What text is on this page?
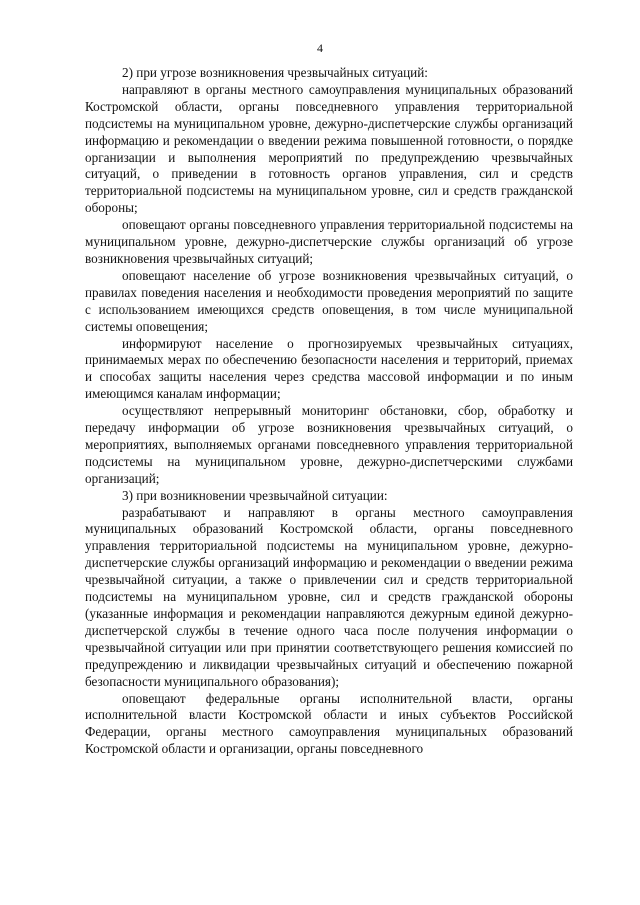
4

2) при угрозе возникновения чрезвычайных ситуаций:

направляют в органы местного самоуправления муниципальных образований Костромской области, органы повседневного управления территориальной подсистемы на муниципальном уровне, дежурно-диспетчерские службы организаций информацию и рекомендации о введении режима повышенной готовности, о порядке организации и выполнения мероприятий по предупреждению чрезвычайных ситуаций, о приведении в готовность органов управления, сил и средств территориальной подсистемы на муниципальном уровне, сил и средств гражданской обороны;

оповещают органы повседневного управления территориальной подсистемы на муниципальном уровне, дежурно-диспетчерские службы организаций об угрозе возникновения чрезвычайных ситуаций;

оповещают население об угрозе возникновения чрезвычайных ситуаций, о правилах поведения населения и необходимости проведения мероприятий по защите с использованием имеющихся средств оповещения, в том числе муниципальной системы оповещения;

информируют население о прогнозируемых чрезвычайных ситуациях, принимаемых мерах по обеспечению безопасности населения и территорий, приемах и способах защиты населения через средства массовой информации и по иным имеющимся каналам информации;

осуществляют непрерывный мониторинг обстановки, сбор, обработку и передачу информации об угрозе возникновения чрезвычайных ситуаций, о мероприятиях, выполняемых органами повседневного управления территориальной подсистемы на муниципальном уровне, дежурно-диспетчерскими службами организаций;

3) при возникновении чрезвычайной ситуации:

разрабатывают и направляют в органы местного самоуправления муниципальных образований Костромской области, органы повседневного управления территориальной подсистемы на муниципальном уровне, дежурно-диспетчерские службы организаций информацию и рекомендации о введении режима чрезвычайной ситуации, а также о привлечении сил и средств территориальной подсистемы на муниципальном уровне, сил и средств гражданской обороны (указанные информация и рекомендации направляются дежурным единой дежурно-диспетчерской службы в течение одного часа после получения информации о чрезвычайной ситуации или при принятии соответствующего решения комиссией по предупреждению и ликвидации чрезвычайных ситуаций и обеспечению пожарной безопасности муниципального образования);

оповещают федеральные органы исполнительной власти, органы исполнительной власти Костромской области и иных субъектов Российской Федерации, органы местного самоуправления муниципальных образований Костромской области и организации, органы повседневного
